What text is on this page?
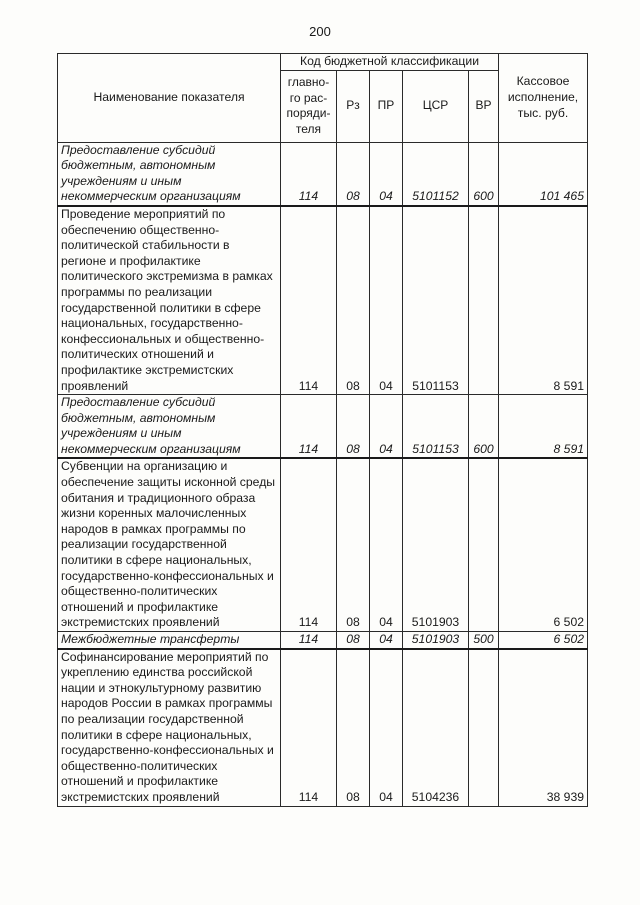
200
Наименование показателя	Код бюджетной классификации					Кассовое исполнение, тыс. руб.
	главно-го рас-поряди-теля	Рз	ПР	ЦСР	ВР	
Предоставление субсидий бюджетным, автономным учреждениям и иным некоммерческим организациям	114	08	04	5101152	600	101 465
Проведение мероприятий по обеспечению общественно-политической стабильности в регионе и профилактике политического экстремизма в рамках программы по реализации государственной политики в сфере национальных, государственно-конфессиональных и общественно-политических отношений и профилактике экстремистских проявлений	114	08	04	5101153		8 591
Предоставление субсидий бюджетным, автономным учреждениям и иным некоммерческим организациям	114	08	04	5101153	600	8 591
Субвенции на организацию и обеспечение защиты исконной среды обитания и традиционного образа жизни коренных малочисленных народов в рамках программы по реализации государственной политики в сфере национальных, государственно-конфессиональных и общественно-политических отношений и профилактике экстремистских проявлений	114	08	04	5101903		6 502
Межбюджетные трансферты	114	08	04	5101903	500	6 502
Софинансирование мероприятий по укреплению единства российской нации и этнокультурному развитию народов России в рамках программы по реализации государственной политики в сфере национальных, государственно-конфессиональных и общественно-политических отношений и профилактике экстремистских проявлений	114	08	04	5104236		38 939
